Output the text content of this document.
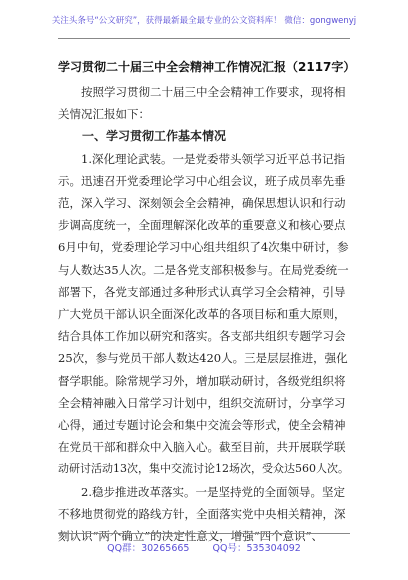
关注头条号“公文研究”，获得最新最全最专业的公文资料库！ 微信：gongwenyj
学习贯彻二十届三中全会精神工作情况汇报（2117字）
　　按照学习贯彻二十届三中全会精神工作要求，现将相
关情况汇报如下：
　　一、学习贯彻工作基本情况
　　1.深化理论武装。一是党委带头领学习近平总书记指
示。迅速召开党委理论学习中心组会议，班子成员率先垂
范，深入学习、深刻领会全会精神，确保思想认识和行动
步调高度统一，全面理解深化改革的重要意义和核心要点
6月中旬，党委理论学习中心组共组织了4次集中研讨，参
与人数达35人次。二是各党支部积极参与。在局党委统一
部署下，各党支部通过多种形式认真学习全会精神，引导
广大党员干部认识全面深化改革的各项目标和重大原则，
结合具体工作加以研究和落实。各支部共组织专题学习会
25次，参与党员干部人数达420人。三是层层推进，强化
督学职能。除常规学习外，增加联动研讨，各级党组织将
全会精神融入日常学习计划中，组织交流研讨，分享学习
心得，通过专题讨论会和集中交流会等形式，使全会精神
在党员干部和群众中入脑入心。截至目前，共开展联学联
动研讨活动13次，集中交流讨论12场次，受众达560人次。
　　2.稳步推进改革落实。一是坚持党的全面领导。坚定
不移地贯彻党的路线方针，全面落实党中央相关精神，深
刻认识“两个确立”的决定性意义，增强“四个意识”、
QQ群：30265665 QQ号：535304092
